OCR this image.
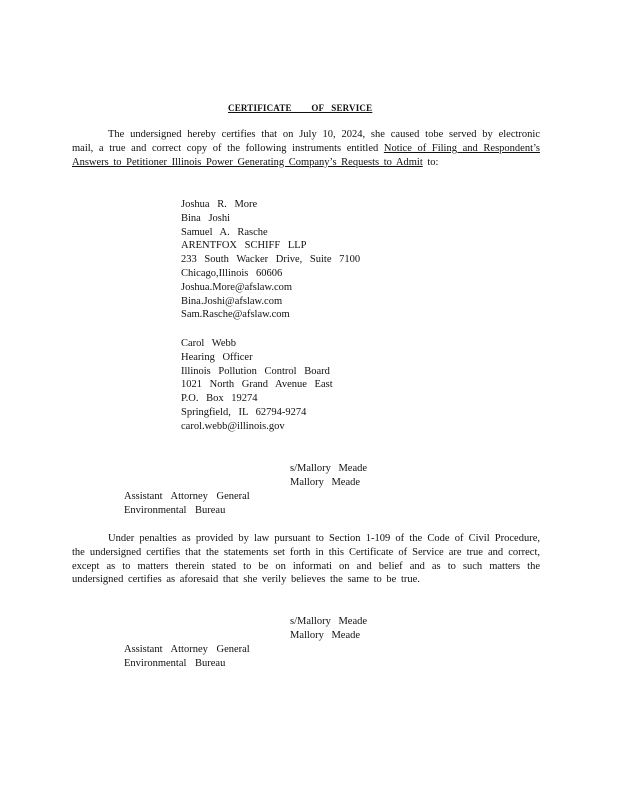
CERTIFICATE        OF   SERVICE
The undersigned hereby certifies that on July 10, 2024, she caused tobe served by electronic mail, a true and correct copy of the following instruments entitled Notice of Filing and Respondent’s Answers to Petitioner Illinois Power Generating Company’s Requests to Admit to:
Joshua R. More
Bina Joshi
Samuel A. Rasche
ARENTFOX SCHIFF LLP
233 South Wacker Drive, Suite 7100
Chicago,Illinois 60606
Joshua.More@afslaw.com
Bina.Joshi@afslaw.com
Sam.Rasche@afslaw.com
Carol Webb
Hearing Officer
Illinois Pollution Control Board
1021 North Grand Avenue East
P.O. Box 19274
Springfield, IL 62794-9274
carol.webb@illinois.gov
s/Mallory Meade
Mallory Meade
Assistant Attorney General
Environmental Bureau
Under penalties as provided by law pursuant to Section 1-109 of the Code of Civil Procedure, the undersigned certifies that the statements set forth in this Certificate of Service are true and correct, except as to matters therein stated to be on informati on and belief and as to such matters the undersigned certifies as aforesaid that she verily believes the same to be true.
s/Mallory Meade
Mallory Meade
Assistant Attorney General
Environmental Bureau
